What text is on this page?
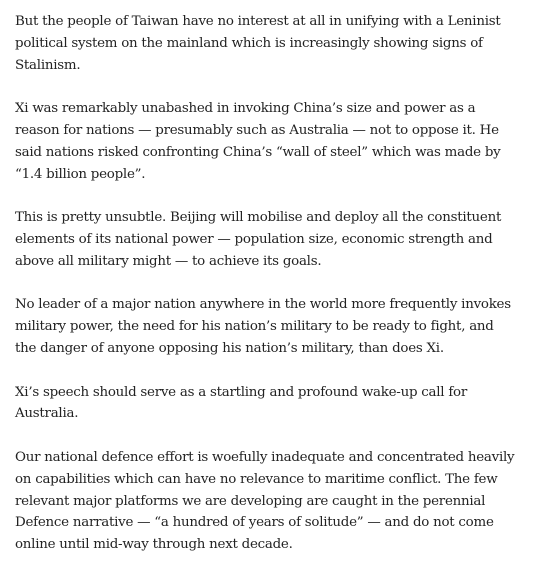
But the people of Taiwan have no interest at all in unifying with a Leninist political system on the mainland which is increasingly showing signs of Stalinism.

Xi was remarkably unabashed in invoking China’s size and power as a reason for nations — presumably such as Australia — not to oppose it. He said nations risked confronting China’s “wall of steel” which was made by “1.4 billion people”.

This is pretty unsubtle. Beijing will mobilise and deploy all the constituent elements of its national power — population size, economic strength and above all military might — to achieve its goals.

No leader of a major nation anywhere in the world more frequently invokes military power, the need for his nation’s military to be ready to fight, and the danger of anyone opposing his nation’s military, than does Xi.

Xi’s speech should serve as a startling and profound wake-up call for Australia.

Our national defence effort is woefully inadequate and concentrated heavily on capabilities which can have no relevance to maritime conflict. The few relevant major platforms we are developing are caught in the perennial Defence narrative — “a hundred of years of solitude” — and do not come online until mid-way through next decade.
